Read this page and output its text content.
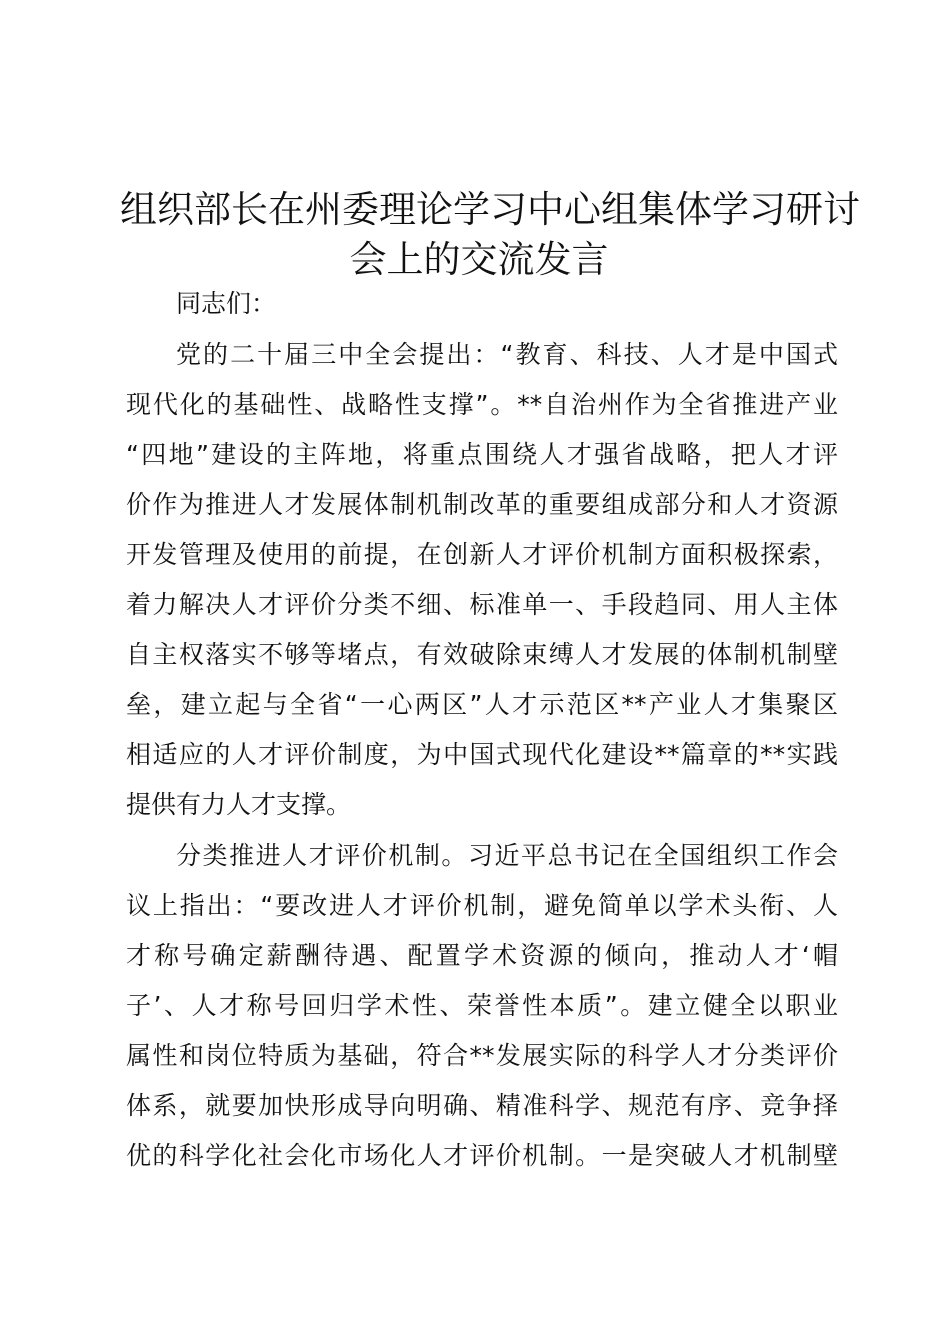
组织部长在州委理论学习中心组集体学习研讨
会上的交流发言
同志们：
党的二十届三中全会提出：“教育、科技、人才是中国式
现代化的基础性、战略性支撑”。**自治州作为全省推进产业
“四地”建设的主阵地，将重点围绕人才强省战略，把人才评
价作为推进人才发展体制机制改革的重要组成部分和人才资源
开发管理及使用的前提，在创新人才评价机制方面积极探索，
着力解决人才评价分类不细、标准单一、手段趋同、用人主体
自主权落实不够等堵点，有效破除束缚人才发展的体制机制壁
垒，建立起与全省“一心两区”人才示范区**产业人才集聚区
相适应的人才评价制度，为中国式现代化建设**篇章的**实践
提供有力人才支撑。
分类推进人才评价机制。习近平总书记在全国组织工作会
议上指出：“要改进人才评价机制，避免简单以学术头衔、人
才称号确定薪酬待遇、配置学术资源的倾向，推动人才‘帽
子’、人才称号回归学术性、荣誉性本质”。建立健全以职业
属性和岗位特质为基础，符合**发展实际的科学人才分类评价
体系，就要加快形成导向明确、精准科学、规范有序、竞争择
优的科学化社会化市场化人才评价机制。一是突破人才机制壁
